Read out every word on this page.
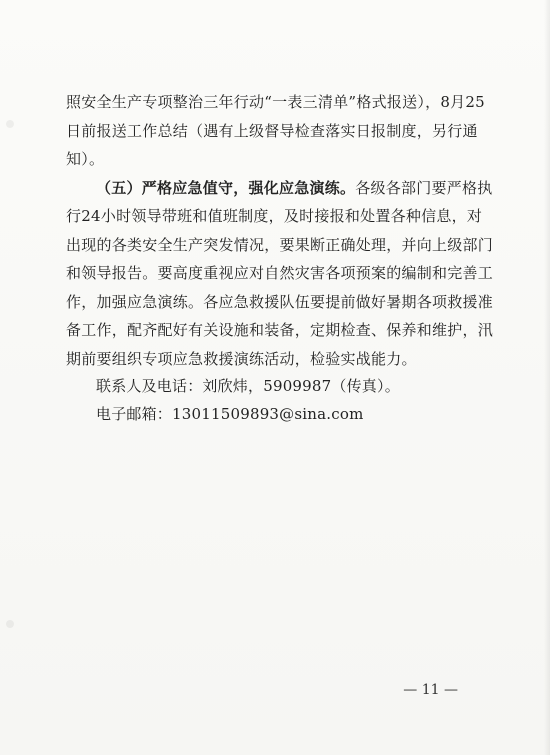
照安全生产专项整治三年行动“一表三清单”格式报送），8月25
日前报送工作总结（遇有上级督导检查落实日报制度，另行通
知）。
（五）严格应急值守，强化应急演练。各级各部门要严格执
行24小时领导带班和值班制度，及时接报和处置各种信息，对
出现的各类安全生产突发情况，要果断正确处理，并向上级部门
和领导报告。要高度重视应对自然灾害各项预案的编制和完善工
作，加强应急演练。各应急救援队伍要提前做好暑期各项救援准
备工作，配齐配好有关设施和装备，定期检查、保养和维护，汛
期前要组织专项应急救援演练活动，检验实战能力。
联系人及电话：刘欣炜，5909987（传真）。
电子邮箱：13011509893@sina.com
— 11 —
